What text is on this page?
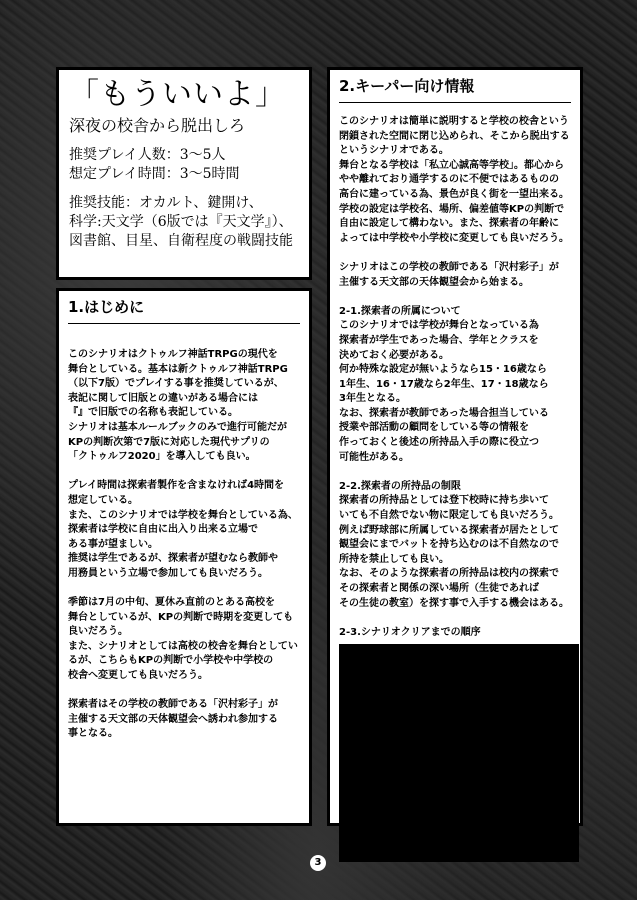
「もういいよ」
深夜の校舎から脱出しろ
推奨プレイ人数：3～5人
想定プレイ時間：3～5時間
推奨技能：オカルト、鍵開け、
科学:天文学（6版では『天文学』）、
図書館、目星、自衛程度の戦闘技能
1.はじめに

このシナリオはクトゥルフ神話TRPGの現代を
舞台としている。基本は新クトゥルフ神話TRPG
（以下7版）でプレイする事を推奨しているが、
表記に関して旧版との違いがある場合には
『』で旧版での名称も表記している。
シナリオは基本ルールブックのみで進行可能だが
KPの判断次第で7版に対応した現代サプリの
「クトゥルフ2020」を導入しても良い。

プレイ時間は探索者製作を含まなければ4時間を
想定している。
また、このシナリオでは学校を舞台としている為、
探索者は学校に自由に出入り出来る立場で
ある事が望ましい。
推奨は学生であるが、探索者が望むなら教師や
用務員という立場で参加しても良いだろう。

季節は7月の中旬、夏休み直前のとある高校を
舞台としているが、KPの判断で時期を変更しても
良いだろう。
また、シナリオとしては高校の校舎を舞台としてい
るが、こちらもKPの判断で小学校や中学校の
校舎へ変更しても良いだろう。

探索者はその学校の教師である「沢村彩子」が
主催する天文部の天体観望会へ誘われ参加する
事となる。

2.キーパー向け情報

このシナリオは簡単に説明すると学校の校舎という
閉鎖された空間に閉じ込められ、そこから脱出する
というシナリオである。
舞台となる学校は「私立心誠高等学校」。都心から
やや離れており通学するのに不便ではあるものの
高台に建っている為、景色が良く街を一望出来る。
学校の設定は学校名、場所、偏差値等KPの判断で
自由に設定して構わない。また、探索者の年齢に
よっては中学校や小学校に変更しても良いだろう。

シナリオはこの学校の教師である「沢村彩子」が
主催する天文部の天体観望会から始まる。

2-1.探索者の所属について
このシナリオでは学校が舞台となっている為
探索者が学生であった場合、学年とクラスを
決めておく必要がある。
何か特殊な設定が無いようなら15・16歳なら
1年生、16・17歳なら2年生、17・18歳なら
3年生となる。
なお、探索者が教師であった場合担当している
授業や部活動の顧問をしている等の情報を
作っておくと後述の所持品入手の際に役立つ
可能性がある。

2-2.探索者の所持品の制限
探索者の所持品としては登下校時に持ち歩いて
いても不自然でない物に限定しても良いだろう。
例えば野球部に所属している探索者が居たとして
観望会にまでバットを持ち込むのは不自然なので
所持を禁止しても良い。
なお、そのような探索者の所持品は校内の探索で
その探索者と関係の深い場所（生徒であれば
その生徒の教室）を探す事で入手する機会はある。

2-3.シナリオクリアまでの順序

3
